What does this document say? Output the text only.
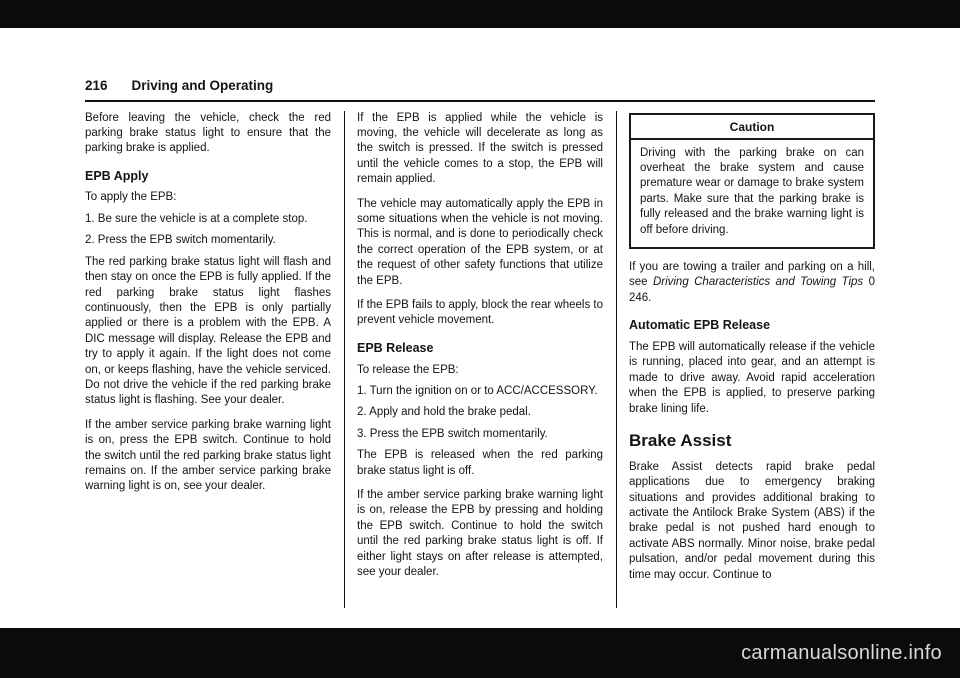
216 Driving and Operating
Before leaving the vehicle, check the red parking brake status light to ensure that the parking brake is applied.
EPB Apply
To apply the EPB:
1. Be sure the vehicle is at a complete stop.
2. Press the EPB switch momentarily.
The red parking brake status light will flash and then stay on once the EPB is fully applied. If the red parking brake status light flashes continuously, then the EPB is only partially applied or there is a problem with the EPB. A DIC message will display. Release the EPB and try to apply it again. If the light does not come on, or keeps flashing, have the vehicle serviced. Do not drive the vehicle if the red parking brake status light is flashing. See your dealer.
If the amber service parking brake warning light is on, press the EPB switch. Continue to hold the switch until the red parking brake status light remains on. If the amber service parking brake warning light is on, see your dealer.
If the EPB is applied while the vehicle is moving, the vehicle will decelerate as long as the switch is pressed. If the switch is pressed until the vehicle comes to a stop, the EPB will remain applied.
The vehicle may automatically apply the EPB in some situations when the vehicle is not moving. This is normal, and is done to periodically check the correct operation of the EPB system, or at the request of other safety functions that utilize the EPB.
If the EPB fails to apply, block the rear wheels to prevent vehicle movement.
EPB Release
To release the EPB:
1. Turn the ignition on or to ACC/ACCESSORY.
2. Apply and hold the brake pedal.
3. Press the EPB switch momentarily.
The EPB is released when the red parking brake status light is off.
If the amber service parking brake warning light is on, release the EPB by pressing and holding the EPB switch. Continue to hold the switch until the red parking brake status light is off. If either light stays on after release is attempted, see your dealer.
Caution
Driving with the parking brake on can overheat the brake system and cause premature wear or damage to brake system parts. Make sure that the parking brake is fully released and the brake warning light is off before driving.
If you are towing a trailer and parking on a hill, see Driving Characteristics and Towing Tips 0 246.
Automatic EPB Release
The EPB will automatically release if the vehicle is running, placed into gear, and an attempt is made to drive away. Avoid rapid acceleration when the EPB is applied, to preserve parking brake lining life.
Brake Assist
Brake Assist detects rapid brake pedal applications due to emergency braking situations and provides additional braking to activate the Antilock Brake System (ABS) if the brake pedal is not pushed hard enough to activate ABS normally. Minor noise, brake pedal pulsation, and/or pedal movement during this time may occur. Continue to
carmanualsonline.info
